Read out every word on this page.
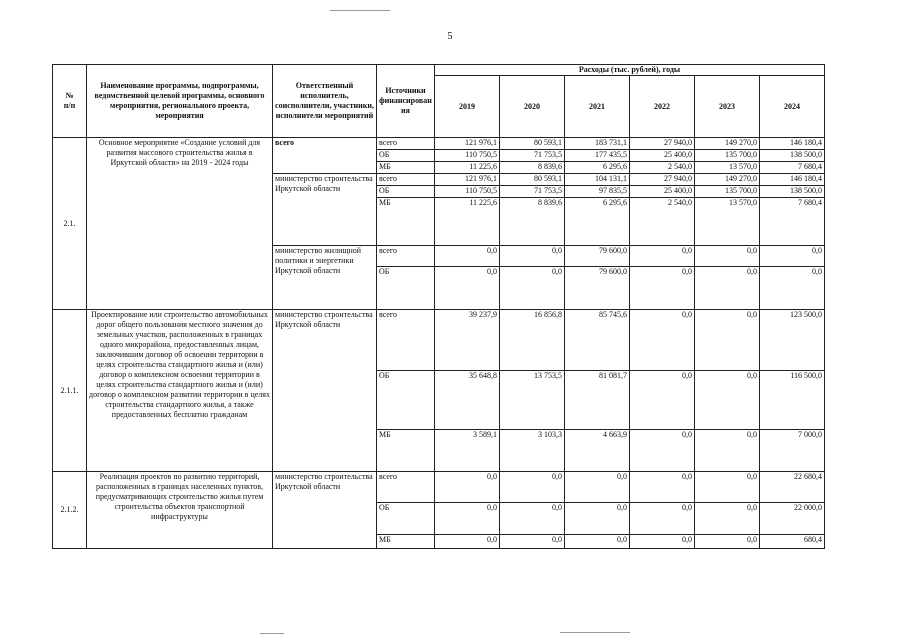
5
№
п/п	Наименование программы, подпрограммы, ведомственной целевой программы, основного мероприятия, регионального проекта, мероприятия	Ответственный исполнитель, соисполнители, участники, исполнители мероприятий	Источники финансирования	Расходы (тыс. рублей), годы					
				2019	2020	2021	2022	2023	2024
2.1.	Основное мероприятие «Создание условий для развития массового строительства жилья в Иркутской области» на 2019 - 2024 годы	всего	всего	121 976,1	80 593,1	183 731,1	27 940,0	149 270,0	146 180,4
			ОБ	110 750,5	71 753,5	177 435,5	25 400,0	135 700,0	138 500,0
			МБ	11 225,6	8 839,6	6 295,6	2 540,0	13 570,0	7 680,4
		министерство строительства Иркутской области	всего	121 976,1	80 593,1	104 131,1	27 940,0	149 270,0	146 180,4
			ОБ	110 750,5	71 753,5	97 835,5	25 400,0	135 700,0	138 500,0
			МБ	11 225,6	8 839,6	6 295,6	2 540,0	13 570,0	7 680,4
		министерство жилищной политики и энергетики Иркутской области	всего	0,0	0,0	79 600,0	0,0	0,0	0,0
			ОБ	0,0	0,0	79 600,0	0,0	0,0	0,0
2.1.1.	Проектирование или строительство автомобильных дорог общего пользования местного значения до земельных участков, расположенных в границах одного микрорайона, предоставленных лицам, заключившим договор об освоении территории в целях строительства стандартного жилья и (или) договор о комплексном освоении территории в целях строительства стандартного жилья и (или) договор о комплексном развитии территории в целях строительства стандартного жилья, а также предоставленных бесплатно гражданам	министерство строительства Иркутской области	всего	39 237,9	16 856,8	85 745,6	0,0	0,0	123 500,0
			ОБ	35 648,8	13 753,5	81 081,7	0,0	0,0	116 500,0
			МБ	3 589,1	3 103,3	4 663,9	0,0	0,0	7 000,0
2.1.2.	Реализация проектов по развитию территорий, расположенных в границах населенных пунктов, предусматривающих строительство жилья путем строительства объектов транспортной инфраструктуры	министерство строительства Иркутской области	всего	0,0	0,0	0,0	0,0	0,0	22 680,4
			ОБ	0,0	0,0	0,0	0,0	0,0	22 000,0
			МБ	0,0	0,0	0,0	0,0	0,0	680,4
